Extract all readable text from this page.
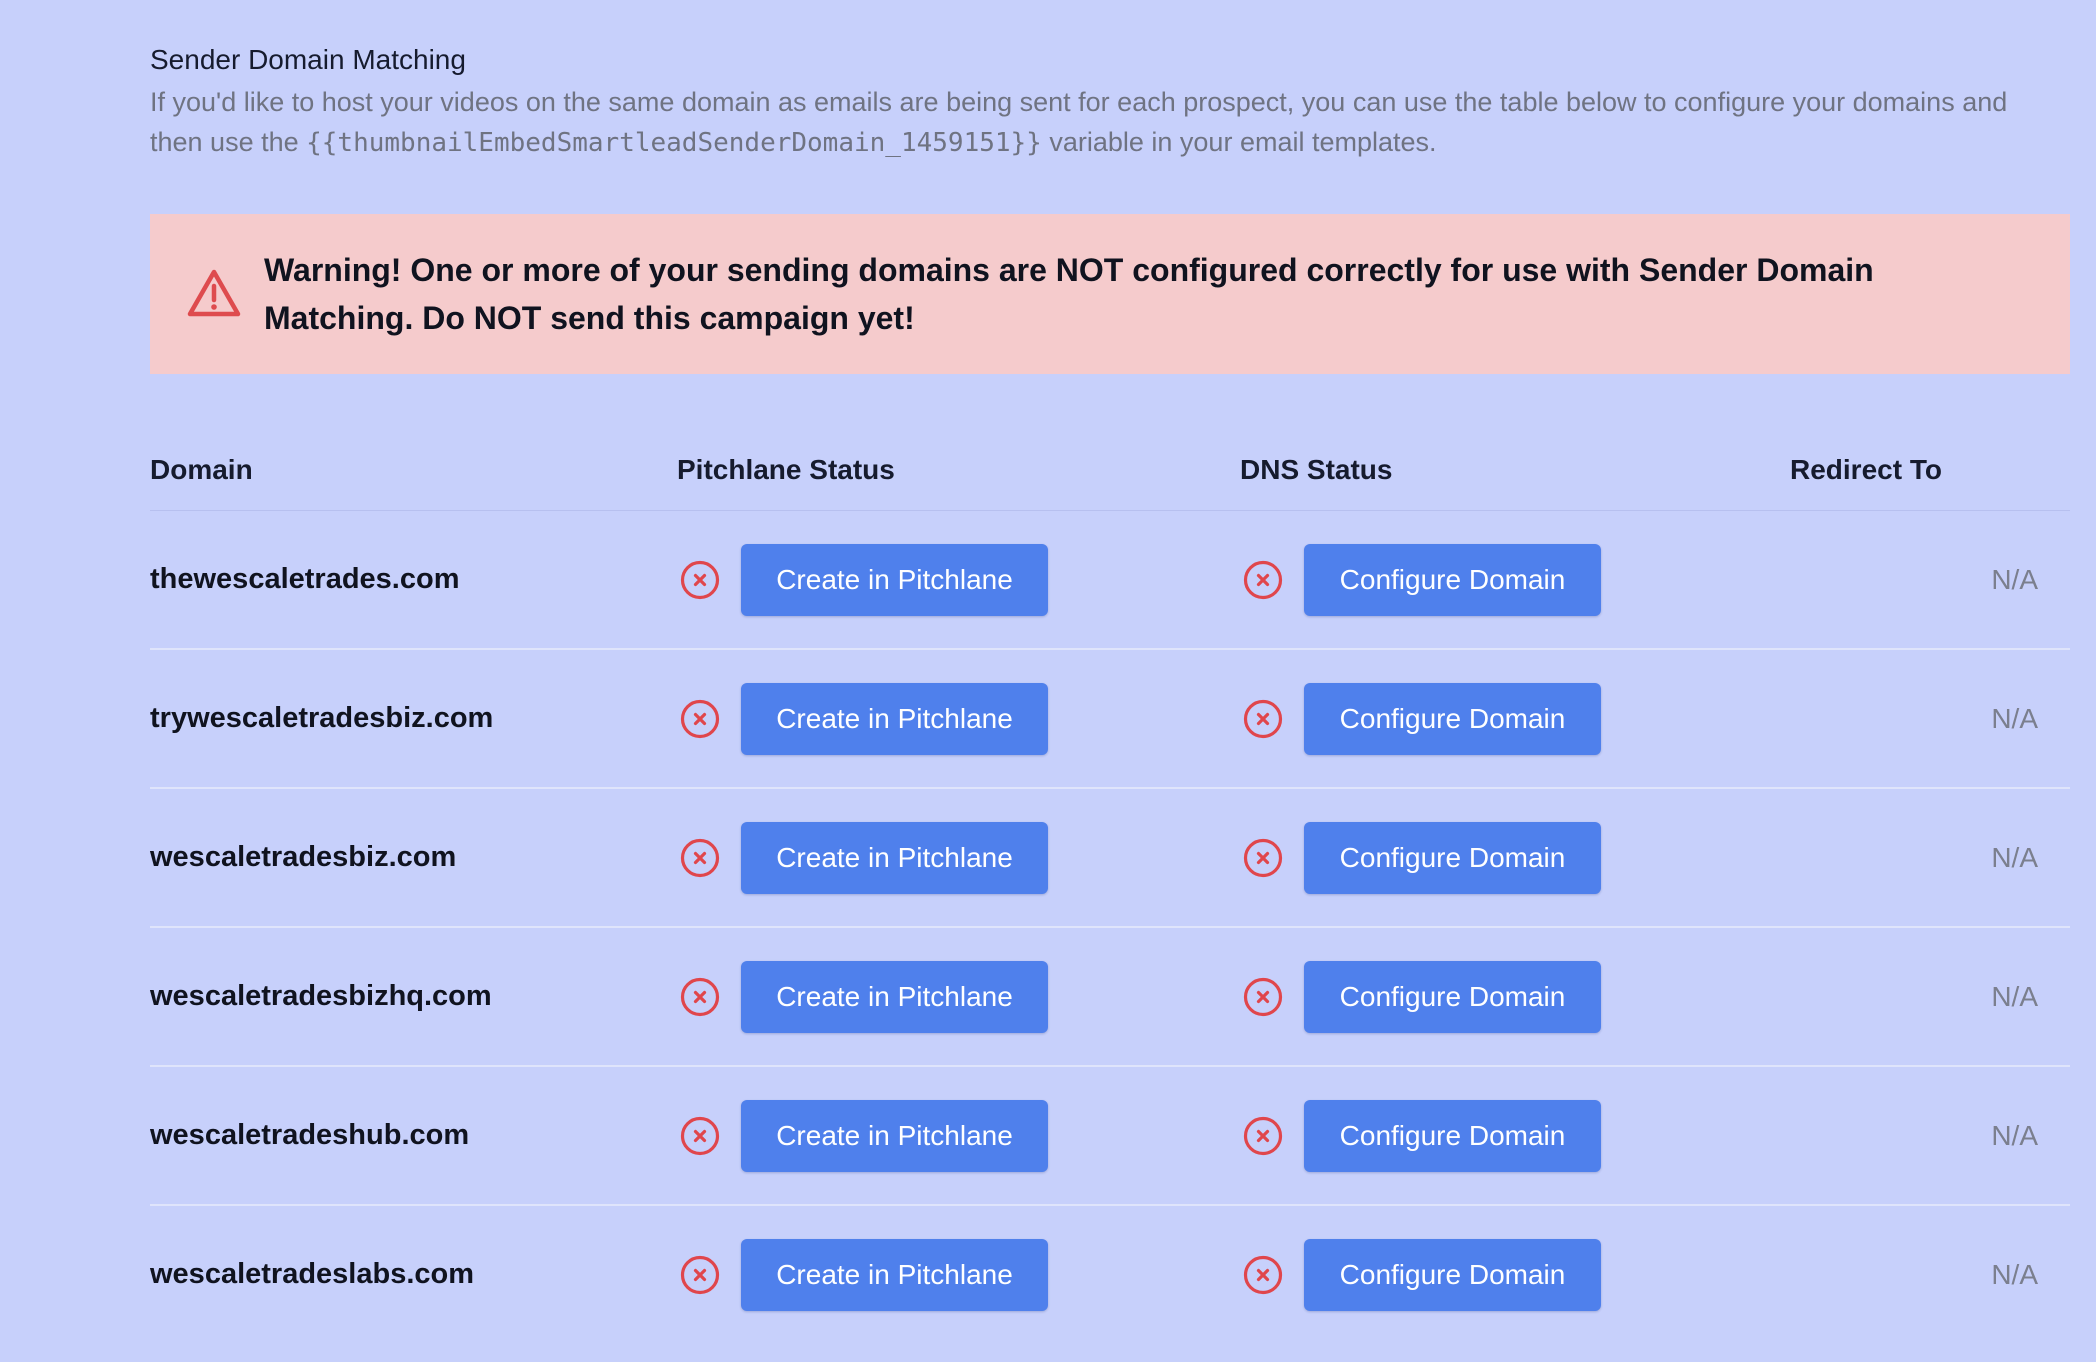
Sender Domain Matching
If you'd like to host your videos on the same domain as emails are being sent for each prospect, you can use the table below to configure your domains and then use the {{thumbnailEmbedSmartleadSenderDomain_1459151}} variable in your email templates.
Warning! One or more of your sending domains are NOT configured correctly for use with Sender Domain Matching. Do NOT send this campaign yet!
Domain	Pitchlane Status	DNS Status	Redirect To
thewescaletrades.com	Create in Pitchlane	Configure Domain	N/A
trywescaletradesbiz.com	Create in Pitchlane	Configure Domain	N/A
wescaletradesbiz.com	Create in Pitchlane	Configure Domain	N/A
wescaletradesbizhq.com	Create in Pitchlane	Configure Domain	N/A
wescaletradeshub.com	Create in Pitchlane	Configure Domain	N/A
wescaletradeslabs.com	Create in Pitchlane	Configure Domain	N/A
